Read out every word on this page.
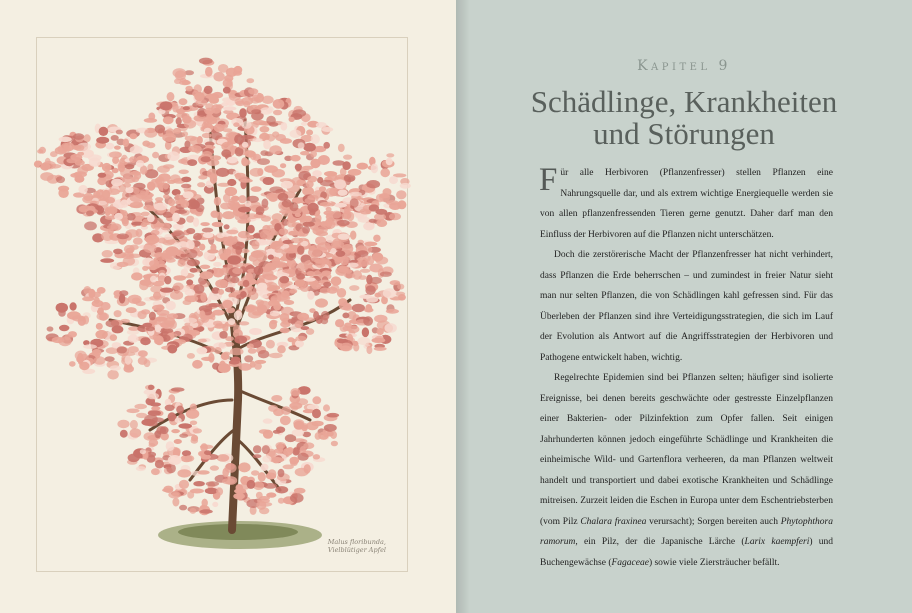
Malus floribunda,
Vielblütiger Apfel
Kapitel 9
Schädlinge, Krankheiten
und Störungen

Für alle Herbivoren (Pflanzenfresser) stellen Pflanzen eine Nahrungsquelle dar, und als extrem wichtige Energiequelle werden sie von allen pflanzenfressenden Tieren gerne genutzt. Daher darf man den Einfluss der Herbivoren auf die Pflanzen nicht unterschätzen.

Doch die zerstörerische Macht der Pflanzenfresser hat nicht verhindert, dass Pflanzen die Erde beherrschen – und zumindest in freier Natur sieht man nur selten Pflanzen, die von Schädlingen kahl gefressen sind. Für das Überleben der Pflanzen sind ihre Verteidigungsstrategien, die sich im Lauf der Evolution als Antwort auf die Angriffsstrategien der Herbivoren und Pathogene entwickelt haben, wichtig.

Regelrechte Epidemien sind bei Pflanzen selten; häufiger sind isolierte Ereignisse, bei denen bereits geschwächte oder gestresste Einzelpflanzen einer Bakterien- oder Pilzinfektion zum Opfer fallen. Seit einigen Jahrhunderten können jedoch eingeführte Schädlinge und Krankheiten die einheimische Wild- und Gartenflora verheeren, da man Pflanzen weltweit handelt und transportiert und dabei exotische Krankheiten und Schädlinge mitreisen. Zurzeit leiden die Eschen in Europa unter dem Eschentriebsterben (vom Pilz Chalara fraxinea verursacht); Sorgen bereiten auch Phytophthora ramorum, ein Pilz, der die Japanische Lärche (Larix kaempferi) und Buchengewächse (Fagaceae) sowie viele Ziersträucher befällt.
